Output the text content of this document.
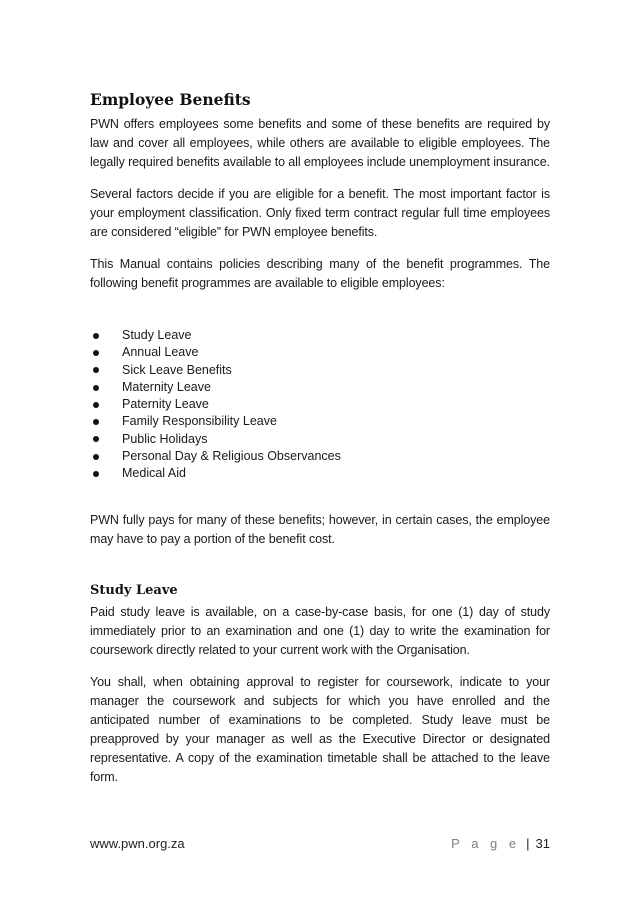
Employee Benefits

PWN offers employees some benefits and some of these benefits are required by law and cover all employees, while others are available to eligible employees. The legally required benefits available to all employees include unemployment insurance.

Several factors decide if you are eligible for a benefit. The most important factor is your employment classification. Only fixed term contract regular full time employees are considered “eligible” for PWN employee benefits.

This Manual contains policies describing many of the benefit programmes. The following benefit programmes are available to eligible employees:

Study Leave
Annual Leave
Sick Leave Benefits
Maternity Leave
Paternity Leave
Family Responsibility Leave
Public Holidays
Personal Day & Religious Observances
Medical Aid

PWN fully pays for many of these benefits; however, in certain cases, the employee may have to pay a portion of the benefit cost.

Study Leave

Paid study leave is available, on a case-by-case basis, for one (1) day of study immediately prior to an examination and one (1) day to write the examination for coursework directly related to your current work with the Organisation.

You shall, when obtaining approval to register for coursework, indicate to your manager the coursework and subjects for which you have enrolled and the anticipated number of examinations to be completed. Study leave must be preapproved by your manager as well as the Executive Director or designated representative. A copy of the examination timetable shall be attached to the leave form.

www.pwn.org.za	P a g e | 31
